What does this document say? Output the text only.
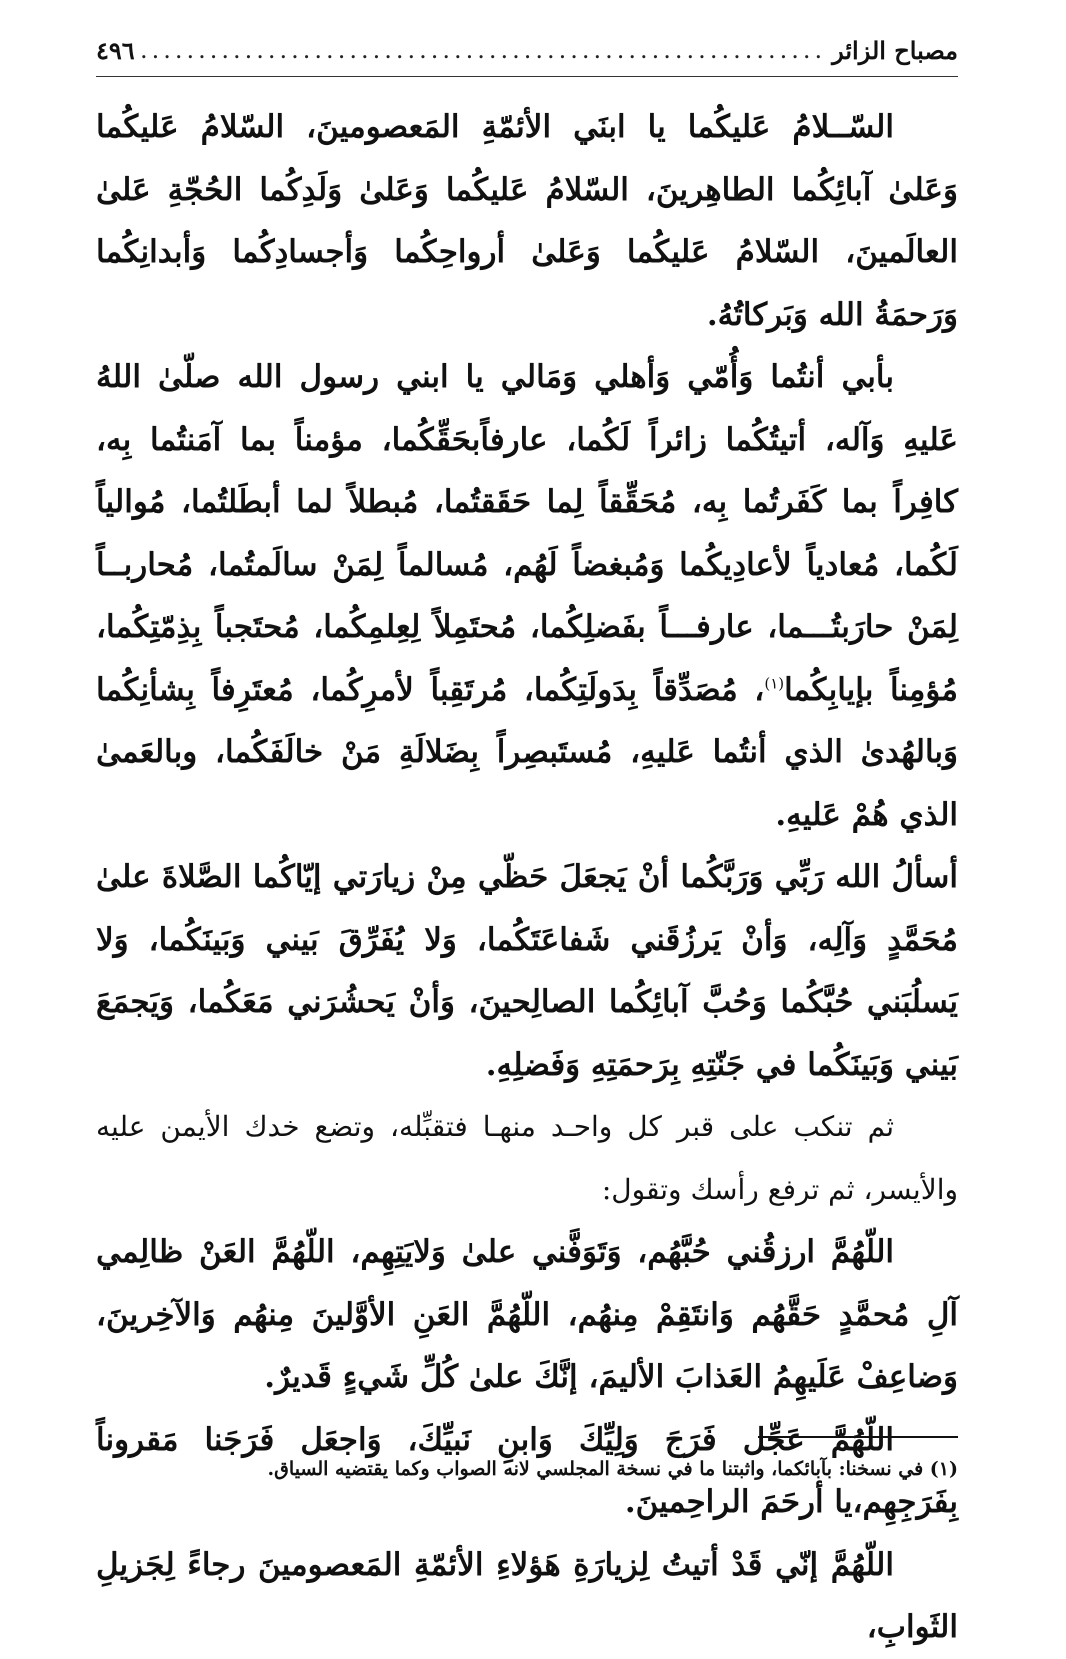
مصباح الزائر
.....
٤٩٦

السّــلامُ عَليكُما يا ابنَي الأئمّةِ المَعصومينَ، السّلامُ عَليكُما وَعَلىٰ آبائِكُما الطاهِرينَ، السّلامُ عَليكُما وَعَلىٰ وَلَدِكُما الحُجّةِ عَلىٰ العالَمينَ، السّلامُ عَليكُما وَعَلىٰ أرواحِكُما وَأجسادِكُما وَأبدانِكُما وَرَحمَةُ الله وَبَركاتُهُ.

بأبي أنتُما وَأُمّي وَأهلي وَمَالي يا ابني رسول الله صلّىٰ اللهُ عَليهِ وَآله، أتيتُكُما زائراً لَكُما، عارفاًبحَقِّكُما، مؤمناً بما آمَنتُما بِه، كافِراً بما كَفَرتُما بِه، مُحَقِّقاً لِما حَقَقتُما، مُبطلاً لما أبطَلتُما، مُوالياً لَكُما، مُعادياً لأعادِيكُما وَمُبغضاً لَهُم، مُسالماً لِمَنْ سالَمتُما، مُحاربــاً لِمَنْ حارَبتُـــما، عارفـــاً بفَضلِكُما، مُحتَمِلاً لِعِلمِكُما، مُحتَجباً بِذِمّتِكُما، مُؤمِناً بإيابِكُما$^{(١)}$، مُصَدِّقاً بِدَولَتِكُما، مُرتَقِباً لأمرِكُما، مُعتَرِفاً بِشأنِكُما وَبالهُدىٰ الذي أنتُما عَليهِ، مُستَبصِراً بِضَلالَةِ مَنْ خالَفَكُما، وبالعَمىٰ الذي هُمْ عَليهِ.

أسألُ الله رَبِّي وَرَبَّكُما أنْ يَجعَلَ حَظّي مِنْ زيارَتي إيّاكُما الصَّلاةَ علىٰ مُحَمَّدٍ وَآلِه، وَأنْ يَرزُقَني شَفاعَتَكُما، وَلا يُفَرِّقَ بَيني وَبَينَكُما، وَلا يَسلُبَني حُبَّكُما وَحُبَّ آبائِكُما الصالِحينَ، وَأنْ يَحشُرَني مَعَكُما، وَيَجمَعَ بَيني وَبَينَكُما في جَنّتِهِ بِرَحمَتِهِ وَفَضلِهِ.

ثم تنكب على قبر كل واحـد منهـا فتقبِّله، وتضع خدك الأيمن عليه والأيسر، ثم ترفع رأسك وتقول:

اللّهُمَّ ارزقُني حُبَّهُم، وَتَوَفَّني علىٰ وَلايَتِهِم، اللّهُمَّ العَنْ ظالِمي آلِ مُحمَّدٍ حَقَّهُم وَانتَقِمْ مِنهُم، اللّهُمَّ العَنِ الأوَّلينَ مِنهُم وَالآخِرينَ، وَضاعِفْ عَلَيهِمُ العَذابَ الأليمَ، إنَّكَ علىٰ كُلِّ شَيءٍ قَديرٌ.

اللّهُمَّ عَجِّل فَرَجَ وَلِيِّكَ وَابنِ نَبيِّكَ، وَاجعَل فَرَجَنا مَقروناً بِفَرَجِهِم،يا أرحَمَ الراحِمينَ.

اللّهُمَّ إنّي قَدْ أتيتُ لِزيارَةِ هَؤلاءِ الأئمّةِ المَعصومينَ رجاءً لِجَزيلِ الثَوابِ،

(١) في نسخنا: بآبائكما، واثبتنا ما في نسخة المجلسي لانه الصواب وكما يقتضيه السياق.
